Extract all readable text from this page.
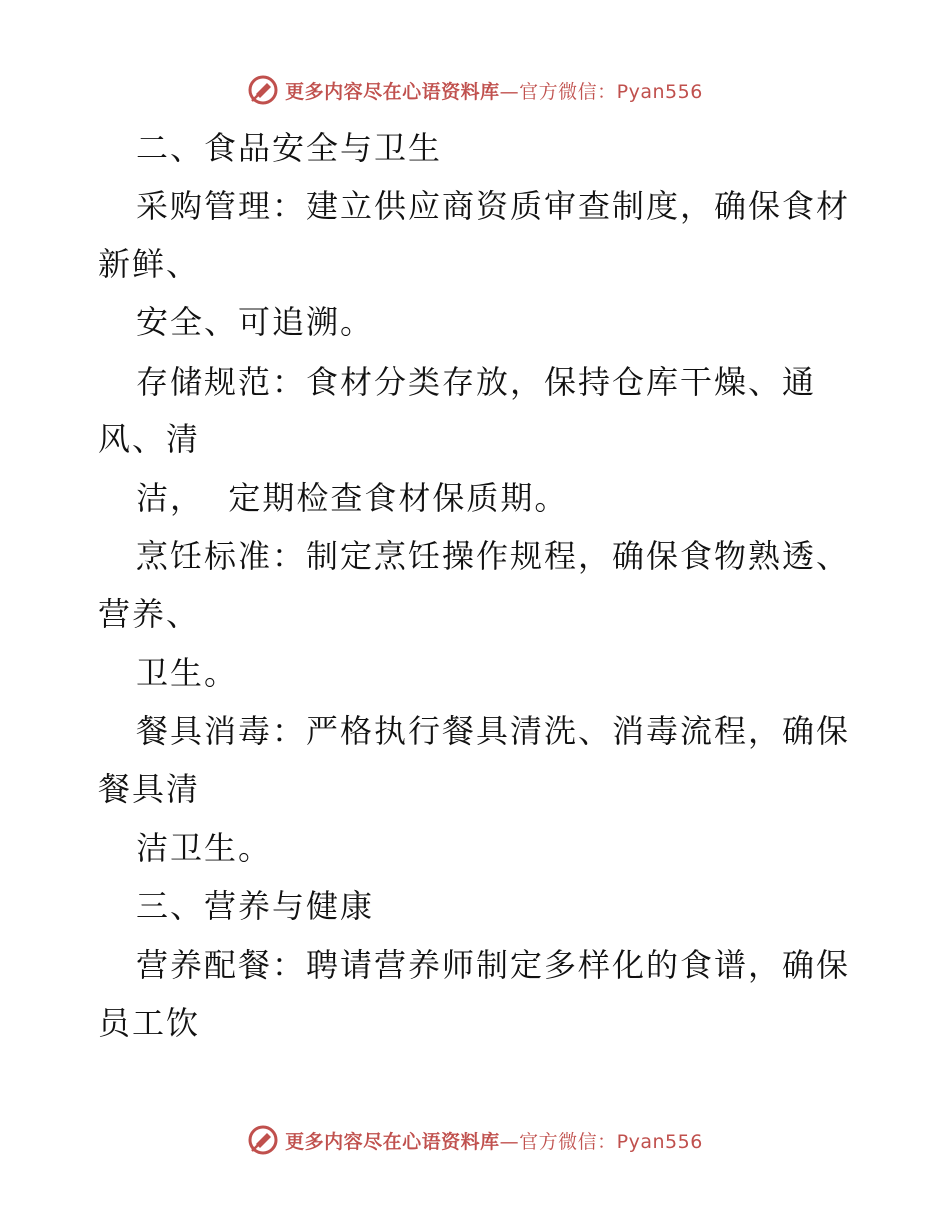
更多内容尽在心语资料库 —官方微信：Pyan556
二、食品安全与卫生
采购管理：建立供应商资质审查制度，确保食材
新鲜、
安全、可追溯。
存储规范：食材分类存放，保持仓库干燥、通
风、清
洁，  定期检查食材保质期。
烹饪标准：制定烹饪操作规程，确保食物熟透、
营养、
卫生。
餐具消毒：严格执行餐具清洗、消毒流程，确保
餐具清
洁卫生。
三、营养与健康
营养配餐：聘请营养师制定多样化的食谱，确保
员工饮
更多内容尽在心语资料库 —官方微信：Pyan556
